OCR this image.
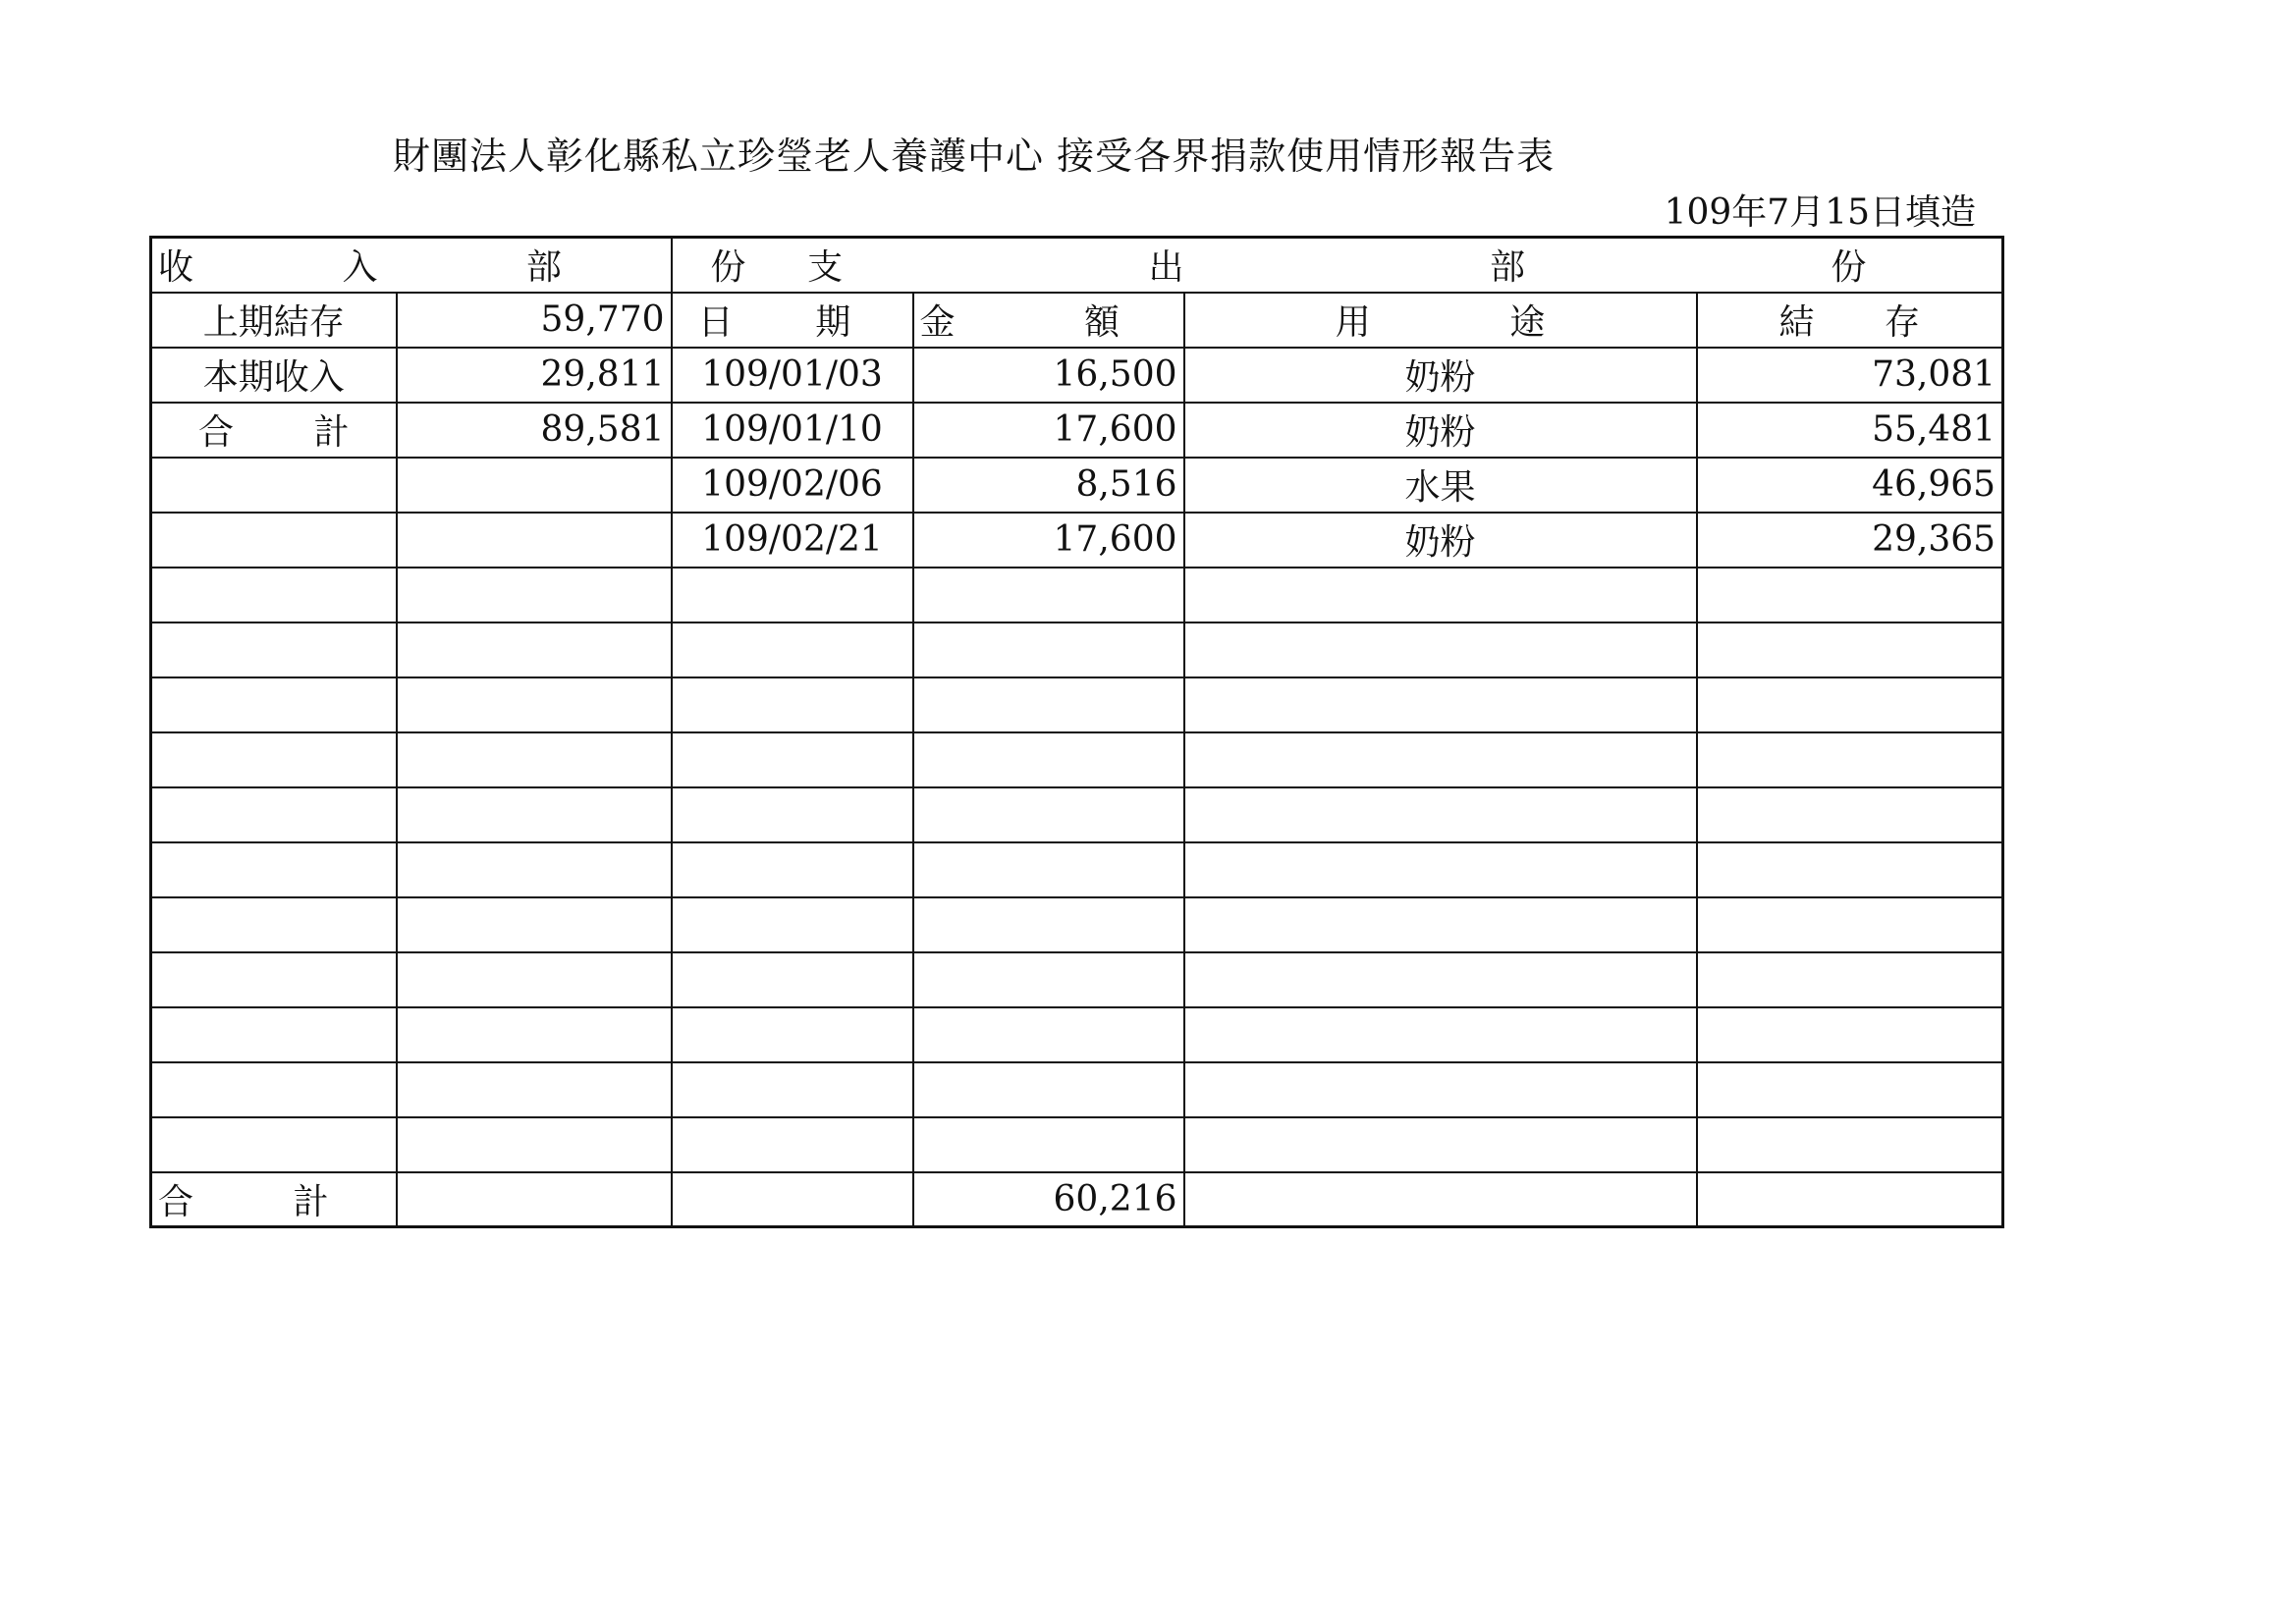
財團法人彰化縣私立珍瑩老人養護中心 接受各界捐款使用情形報告表
109年7月15日填造
收 入 部 份		支 出 部 份			
上期結存	59,770	日 期	金 額	用 途	結 存
本期收入	29,811	109/01/03	16,500	奶粉	73,081
合 計	89,581	109/01/10	17,600	奶粉	55,481
		109/02/06	8,516	水果	46,965
		109/02/21	17,600	奶粉	29,365

合 計			60,216		
